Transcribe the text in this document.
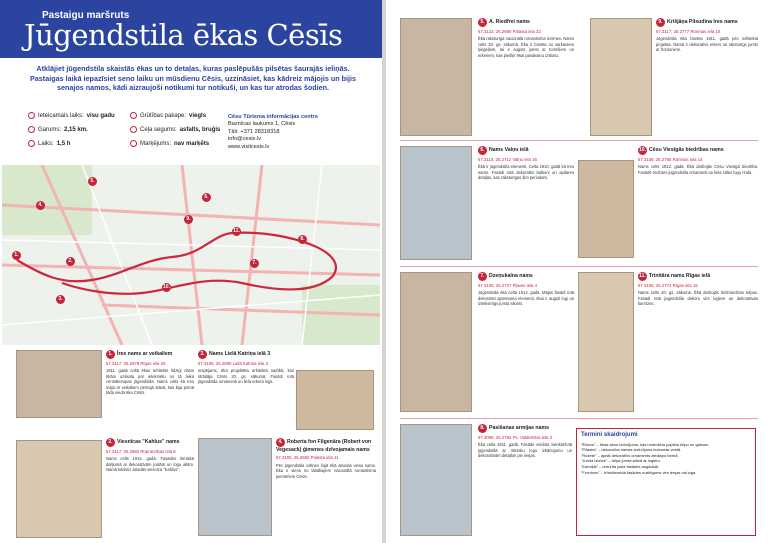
Pastaigu maršruts
Jūgendstila ēkas Cēsīs
Atklājiet jūgendstila skaistās ēkas un to detaļas, kuras paslēpušās pilsētas šaurajās ieliņās. Pastaigas laikā iepazīsiet seno laiku un mūsdienu Cēsis, uzzināsiet, kas kādreiz mājojis un bijis senajos namos, kādi aizraujoši notikumi tur notikuši, un kas tur atrodas šodien.
Ieteicamais laiks: visu gadu	Grūtības pakape: viegls
Garums: 2,15 km.	Ceļa segums: asfalts, bruģis
Laiks: 1,5 h	Marķējums: nav marķēts
Cēsu Tūrisma informācijas centrs
Baznīcas laukums 1, Cēsis
Tālr. +371 28318318
info@cesis.lv
www.visitcesis.lv
1.
2.
3.
4.
5.
6.
7.
8.
9.
10.
11.
1. Īres nams ar veikaliem
57.3117, 25.2679 Rīgas iela 20
1911. gadā celtā ēkas arhitekts līdzīgi citām ēkām uzskata par ietekmētu no tā laika centrāleiropas jūgendstila. Nams celts kā īres māja ar veikaliem pirmajā stāvā, kas bija pirmā tāda veida ēka Cēsīs.
2. Viesnīcas "Kahlus" nams
57.3117, 25.2682 Rūpniecības iela 8
Nams celts 1912. gadā. Fasādes ritmiskā dalījumā ar dekoratīvām joslām un logu ailām. Namā kādreiz atradās viesnīca "Kahlus".
3. Nams Lielā Katriņa ielā 3
57.3108, 25.2690 Lielā Katriņa iela 3
Iespējams, ēka projektēta arhitekta vadībā, kas strādāja Cēsīs 20. gs. sākumā. Fasādi rotā jūgendstila ornamenti un liela erkera logs.
4. Roberta fon Filgenāra (Robert von Vegesack) ģimenes dzīvojamais nams
57.3105, 25.2692 Palasta iela 11
Pēc jūgendstila celtnes šajā ēkā atrodas viesu nams. Ēka ir viens no labākajiem nacionālā romantisma piemēriem Cēsīs.
5. A. Riedfrei nams
57.3122, 25.2680 Palasta iela 32
Ēkā raksturīga nacionālā romantisma iezīmes. Nams celts 20. gs. sākumā. Ēka ir būvēta no sarkaniem ķieģeļiem, tai ir augsts jumts ar tornīšiem un erkeriem, kas piešķir ēkai pasakainu izskatu.
9. Krišjāņa Pilsudina īres nams
57.3117, 25.2777 Rūnmas iela 10
Jūgendstila ēka būvēta 1911. gadā pēc arhitekta projekta. Namā ir dekoratīvs erkers un raksturīgs jumts ar frontoniem.
6. Nams Valņu ielā
57.3110, 25.2712 Valņu iela 16
Ēkā ir jūgendstila elementi. Celta 1910. gadā kā īres nams. Fasādi rotā dekoratīvi balkoni un apdares detaļas, kas raksturīgas šim periodam.
10. Cēsu Viesīgās biedrības nams
57.3108, 25.2765 Rūnmas iela 14
Nams celts 1912. gadā. Ēkā darbojās Cēsu Viesīgā biedrība. Fasādē redzami jūgendstila ornamenti un liela zāles logu rinda.
7. Dzeņukalna nams
57.3105, 25.2727 Pļavas iela 4
Jūgendstila ēka celta 1912. gadā. Mājas fasādi rotā dekoratīvi apmetuma elementi, ēkai ir augsti logi un izteiksmīgs jumta siluets.
11. Trinitāra nams Rīgas ielā
57.3106, 25.2774 Rīgas iela 15
Nams celts 20. gs. sākumā. Ēkā darbojās tirdzniecības telpas. Fasādi rotā jūgendstila dekors virs logiem un dekoratīvas karnīzes.
8. Pasišanas armijas nams
57.3096, 25.2782 Ps. Valdemāra iela 3
Ēka celta 1911. gadā. Fasāde veidota vienkāršotā jūgendstilā ar ritmisku logu izkārtojumu un dekoratīvām detaļām pie ieejas.
Termini skaidrojumi
"Ērkers" – ēkas sānu izvirzījums, kas nodrošina papildu telpu un gaismu.
"Pilastrs" – dekoratīvs sienas izvirzījums kolonnas veidā.
"Rozete" – apaļš dekoratīvs ornaments ziedlapu formā.
"Jumta izbūve" – telpa jumta stāvā ar logiem.
"Karniķis" – izvirzīta josla fasādes augšdaļā.
"Frontons" – trīsstūrveida fasādes noslēgums virs ieejas vai loga.
